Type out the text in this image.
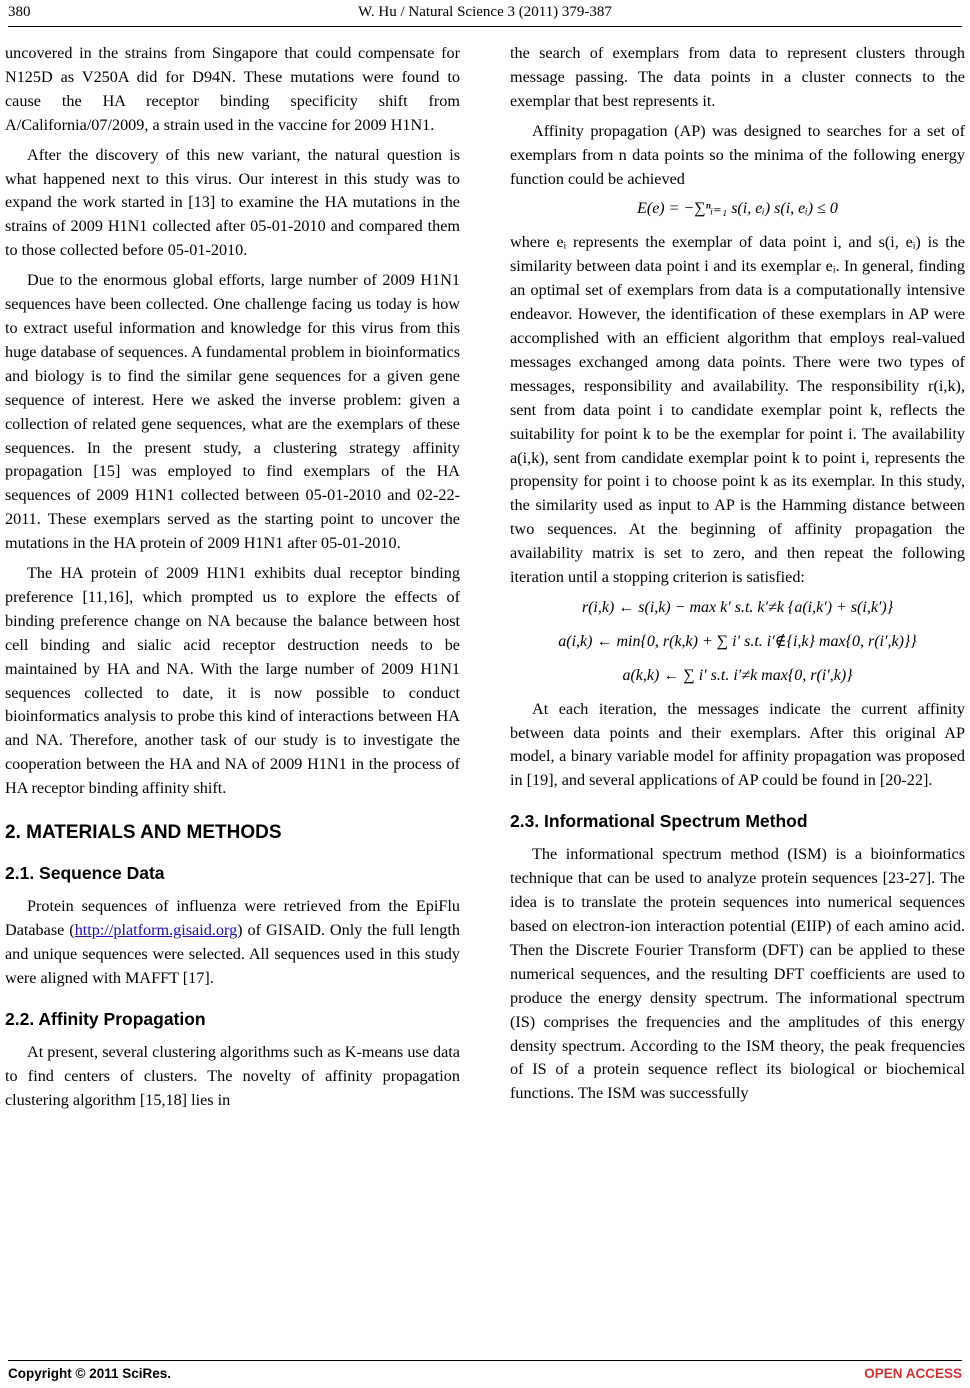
380	W. Hu / Natural Science 3 (2011) 379-387

uncovered in the strains from Singapore that could compensate for N125D as V250A did for D94N. These mutations were found to cause the HA receptor binding specificity shift from A/California/07/2009, a strain used in the vaccine for 2009 H1N1.

After the discovery of this new variant, the natural question is what happened next to this virus. Our interest in this study was to expand the work started in [13] to examine the HA mutations in the strains of 2009 H1N1 collected after 05-01-2010 and compared them to those collected before 05-01-2010.

Due to the enormous global efforts, large number of 2009 H1N1 sequences have been collected. One challenge facing us today is how to extract useful information and knowledge for this virus from this huge database of sequences. A fundamental problem in bioinformatics and biology is to find the similar gene sequences for a given gene sequence of interest. Here we asked the inverse problem: given a collection of related gene sequences, what are the exemplars of these sequences. In the present study, a clustering strategy affinity propagation [15] was employed to find exemplars of the HA sequences of 2009 H1N1 collected between 05-01-2010 and 02-22-2011. These exemplars served as the starting point to uncover the mutations in the HA protein of 2009 H1N1 after 05-01-2010.

The HA protein of 2009 H1N1 exhibits dual receptor binding preference [11,16], which prompted us to explore the effects of binding preference change on NA because the balance between host cell binding and sialic acid receptor destruction needs to be maintained by HA and NA. With the large number of 2009 H1N1 sequences collected to date, it is now possible to conduct bioinformatics analysis to probe this kind of interactions between HA and NA. Therefore, another task of our study is to investigate the cooperation between the HA and NA of 2009 H1N1 in the process of HA receptor binding affinity shift.

2. MATERIALS AND METHODS
2.1. Sequence Data

Protein sequences of influenza were retrieved from the EpiFlu Database (http://platform.gisaid.org) of GISAID. Only the full length and unique sequences were selected. All sequences used in this study were aligned with MAFFT [17].

2.2. Affinity Propagation

At present, several clustering algorithms such as K-means use data to find centers of clusters. The novelty of affinity propagation clustering algorithm [15,18] lies in

the search of exemplars from data to represent clusters through message passing. The data points in a cluster connects to the exemplar that best represents it.

Affinity propagation (AP) was designed to searches for a set of exemplars from n data points so the minima of the following energy function could be achieved

E(e) = −∑ⁿᵢ₌₁ s(i, eᵢ) s(i, eᵢ) ≤ 0

where eᵢ represents the exemplar of data point i, and s(i, eᵢ) is the similarity between data point i and its exemplar eᵢ. In general, finding an optimal set of exemplars from data is a computationally intensive endeavor. However, the identification of these exemplars in AP were accomplished with an efficient algorithm that employs real-valued messages exchanged among data points. There were two types of messages, responsibility and availability. The responsibility r(i,k), sent from data point i to candidate exemplar point k, reflects the suitability for point k to be the exemplar for point i. The availability a(i,k), sent from candidate exemplar point k to point i, represents the propensity for point i to choose point k as its exemplar. In this study, the similarity used as input to AP is the Hamming distance between two sequences. At the beginning of affinity propagation the availability matrix is set to zero, and then repeat the following iteration until a stopping criterion is satisfied:

r(i,k) ← s(i,k) − max k′ s.t. k′≠k {a(i,k′) + s(i,k′)}
a(i,k) ← min{0, r(k,k) + ∑ i′ s.t. i′∉{i,k} max{0, r(i′,k)}}
a(k,k) ← ∑ i′ s.t. i′≠k max{0, r(i′,k)}

At each iteration, the messages indicate the current affinity between data points and their exemplars. After this original AP model, a binary variable model for affinity propagation was proposed in [19], and several applications of AP could be found in [20-22].

2.3. Informational Spectrum Method

The informational spectrum method (ISM) is a bioinformatics technique that can be used to analyze protein sequences [23-27]. The idea is to translate the protein sequences into numerical sequences based on electron-ion interaction potential (EIIP) of each amino acid. Then the Discrete Fourier Transform (DFT) can be applied to these numerical sequences, and the resulting DFT coefficients are used to produce the energy density spectrum. The informational spectrum (IS) comprises the frequencies and the amplitudes of this energy density spectrum. According to the ISM theory, the peak frequencies of IS of a protein sequence reflect its biological or biochemical functions. The ISM was successfully

Copyright © 2011 SciRes.	OPEN ACCESS
